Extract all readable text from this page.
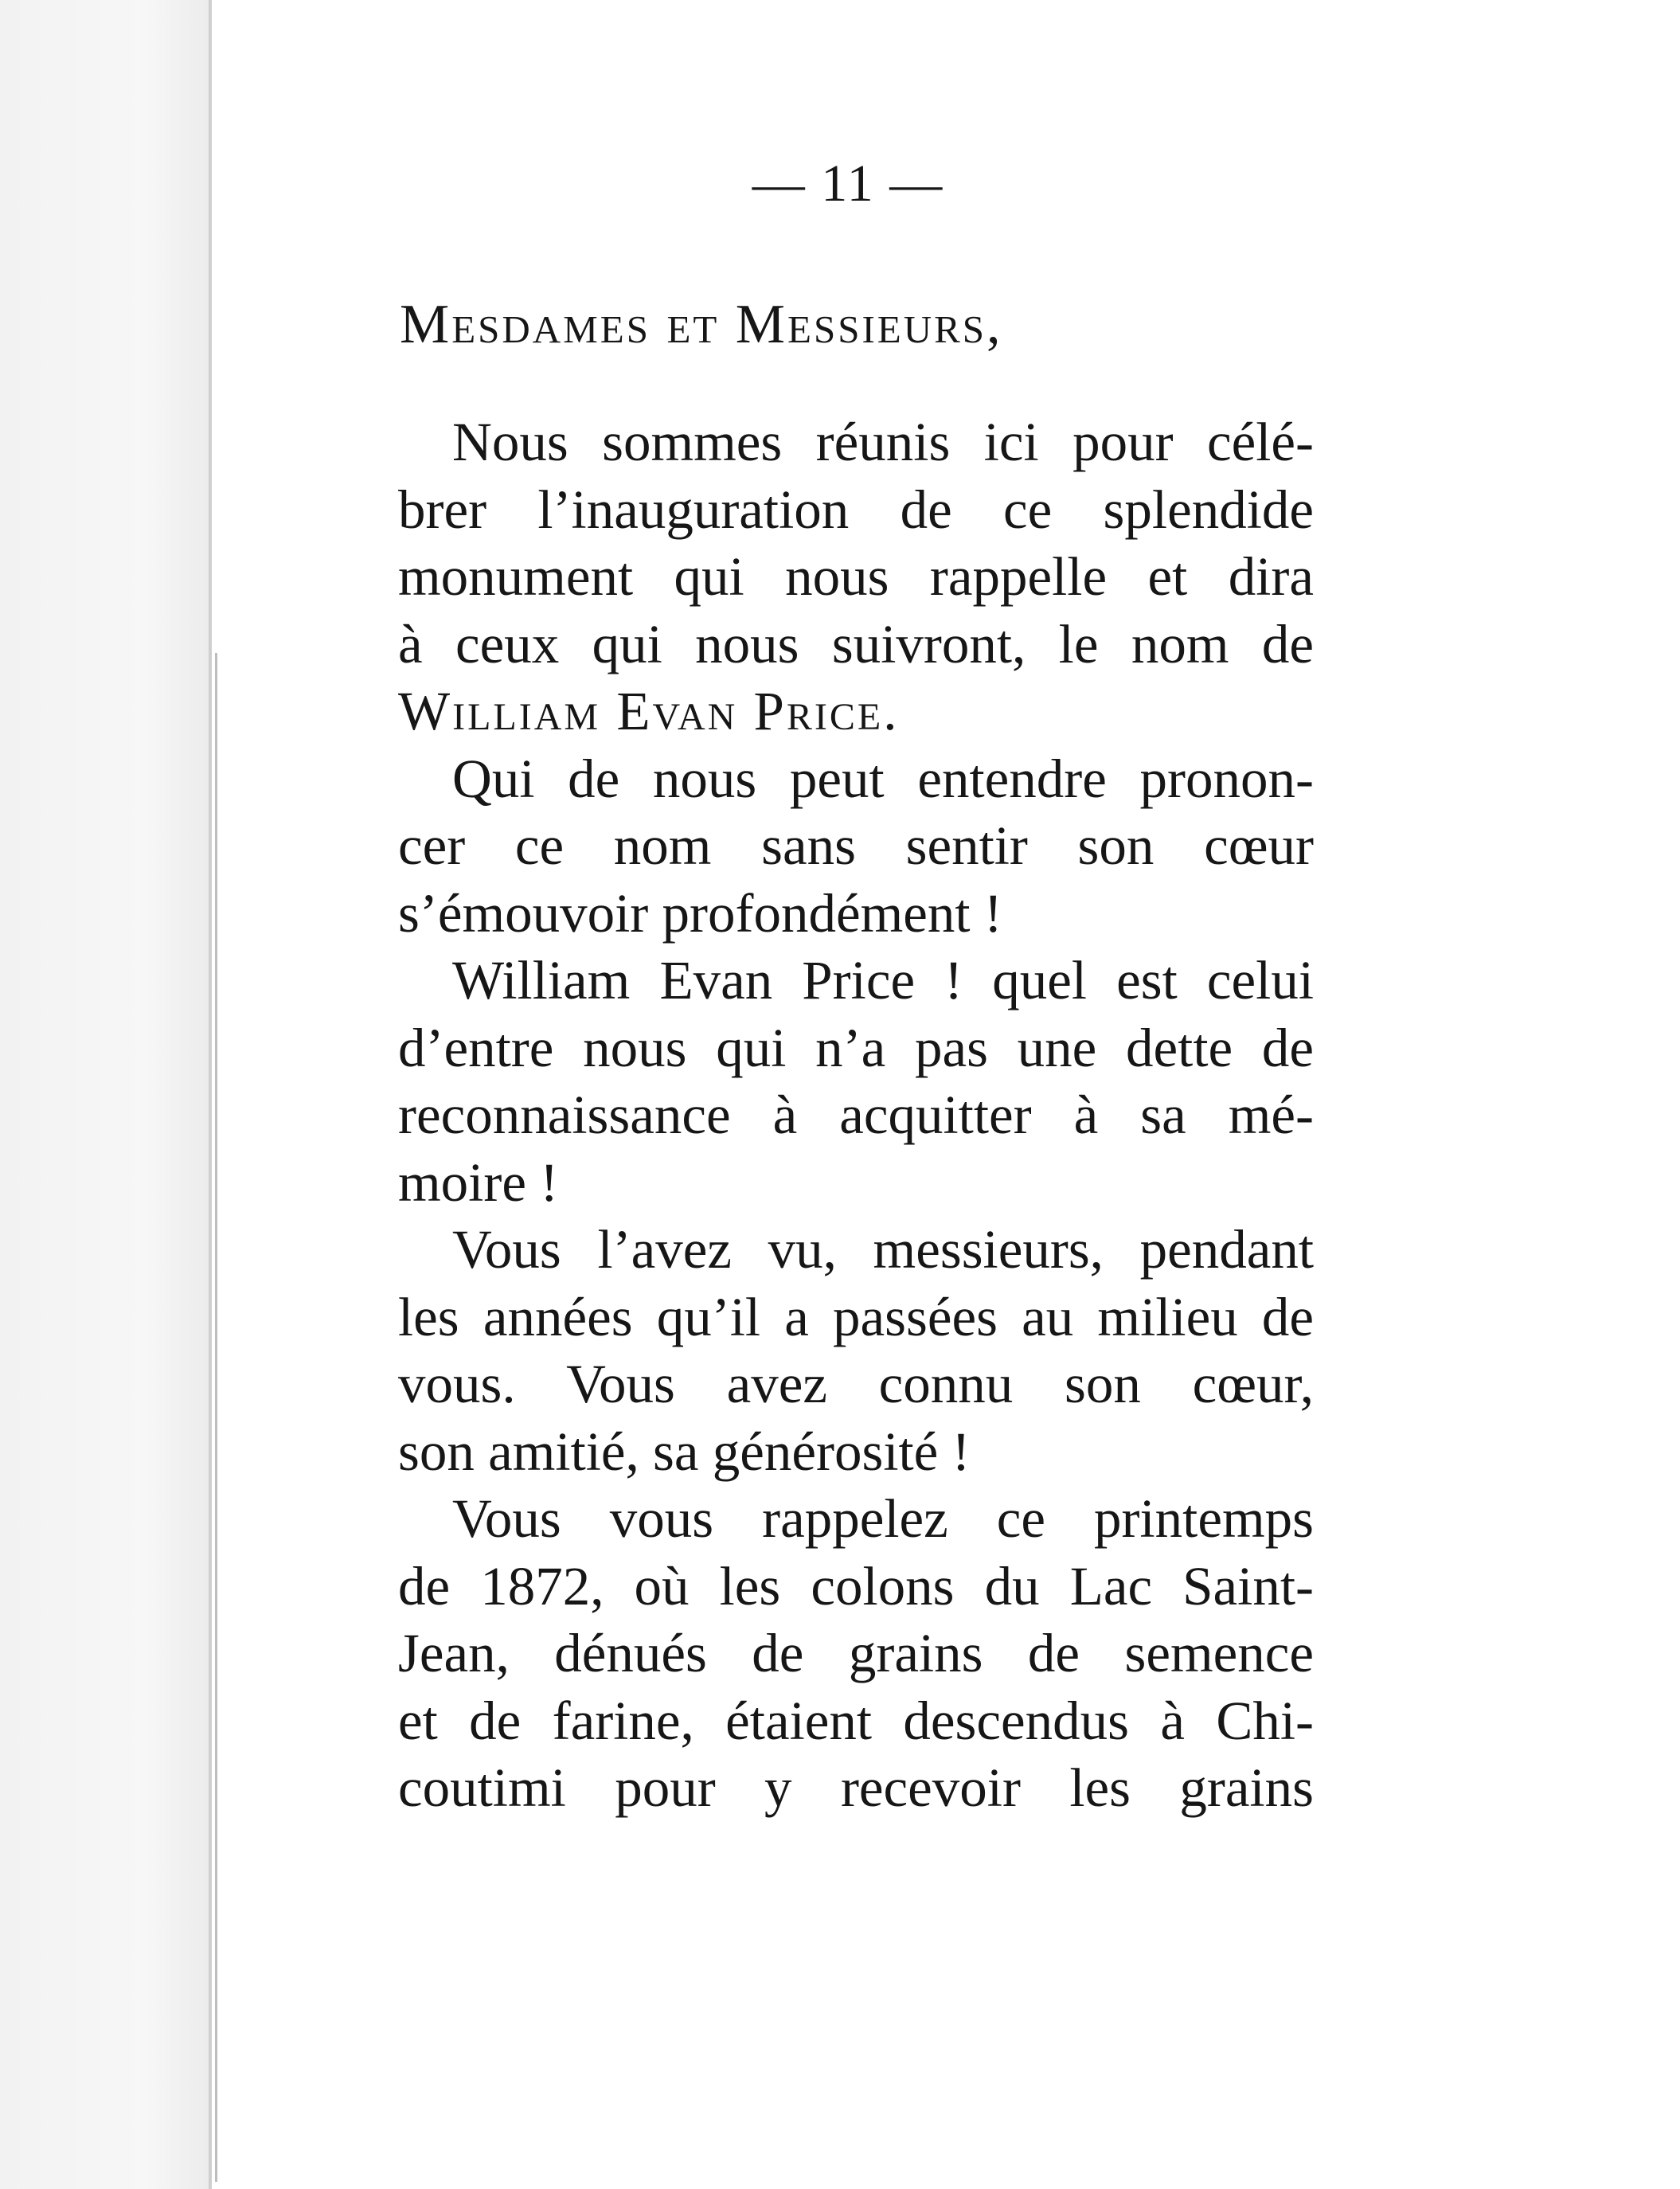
— 11 —
Mesdames et Messieurs,
Nous sommes réunis ici pour célé-
brer l’inauguration de ce splendide
monument qui nous rappelle et dira
à ceux qui nous suivront, le nom de
William Evan Price.
Qui de nous peut entendre pronon-
cer ce nom sans sentir son cœur
s’émouvoir profondément !
William Evan Price ! quel est celui
d’entre nous qui n’a pas une dette de
reconnaissance à acquitter à sa mé-
moire !
Vous l’avez vu, messieurs, pendant
les années qu’il a passées au milieu de
vous. Vous avez connu son cœur,
son amitié, sa générosité !
Vous vous rappelez ce printemps
de 1872, où les colons du Lac Saint-
Jean, dénués de grains de semence
et de farine, étaient descendus à Chi-
coutimi pour y recevoir les grains
